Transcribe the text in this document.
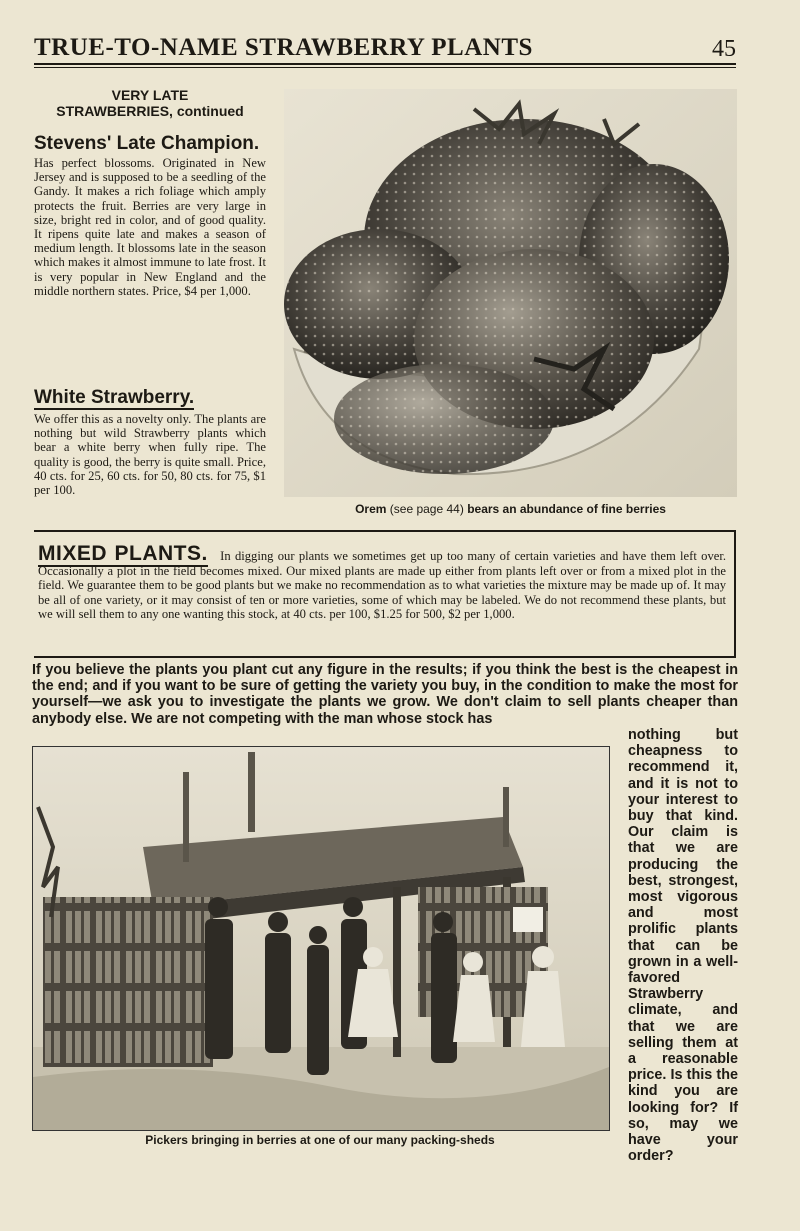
TRUE-TO-NAME STRAWBERRY PLANTS	45
VERY LATE
STRAWBERRIES, continued
Stevens' Late Champion.
Has perfect blossoms. Originated in New Jersey and is supposed to be a seedling of the Gandy. It makes a rich foliage which amply protects the fruit. Berries are very large in size, bright red in color, and of good quality. It ripens quite late and makes a season of medium length. It blossoms late in the season which makes it almost immune to late frost. It is very popular in New England and the middle northern states. Price, $4 per 1,000.
White Strawberry.
We offer this as a novelty only. The plants are nothing but wild Strawberry plants which bear a white berry when fully ripe. The quality is good, the berry is quite small. Price, 40 cts. for 25, 60 cts. for 50, 80 cts. for 75, $1 per 100.
Orem (see page 44) bears an abundance of fine berries
MIXED PLANTS. In digging our plants we sometimes get up too many of certain varieties and have them left over. Occasionally a plot in the field becomes mixed. Our mixed plants are made up either from plants left over or from a mixed plot in the field. We guarantee them to be good plants but we make no recommendation as to what varieties the mixture may be made up of. It may be all of one variety, or it may consist of ten or more varieties, some of which may be labeled. We do not recommend these plants, but we will sell them to any one wanting this stock, at 40 cts. per 100, $1.25 for 500, $2 per 1,000.
If you believe the plants you plant cut any figure in the results; if you think the best is the cheapest in the end; and if you want to be sure of getting the variety you buy, in the condition to make the most for yourself—we ask you to investigate the plants we grow. We don't claim to sell plants cheaper than anybody else. We are not competing with the man whose stock has
nothing but cheapness to recommend it, and it is not to your interest to buy that kind. Our claim is that we are producing the best, strongest, most vigorous and most prolific plants that can be grown in a well-favored Strawberry climate, and that we are selling them at a reasonable price. Is this the kind you are looking for? If so, may we have your order?
Pickers bringing in berries at one of our many packing-sheds
